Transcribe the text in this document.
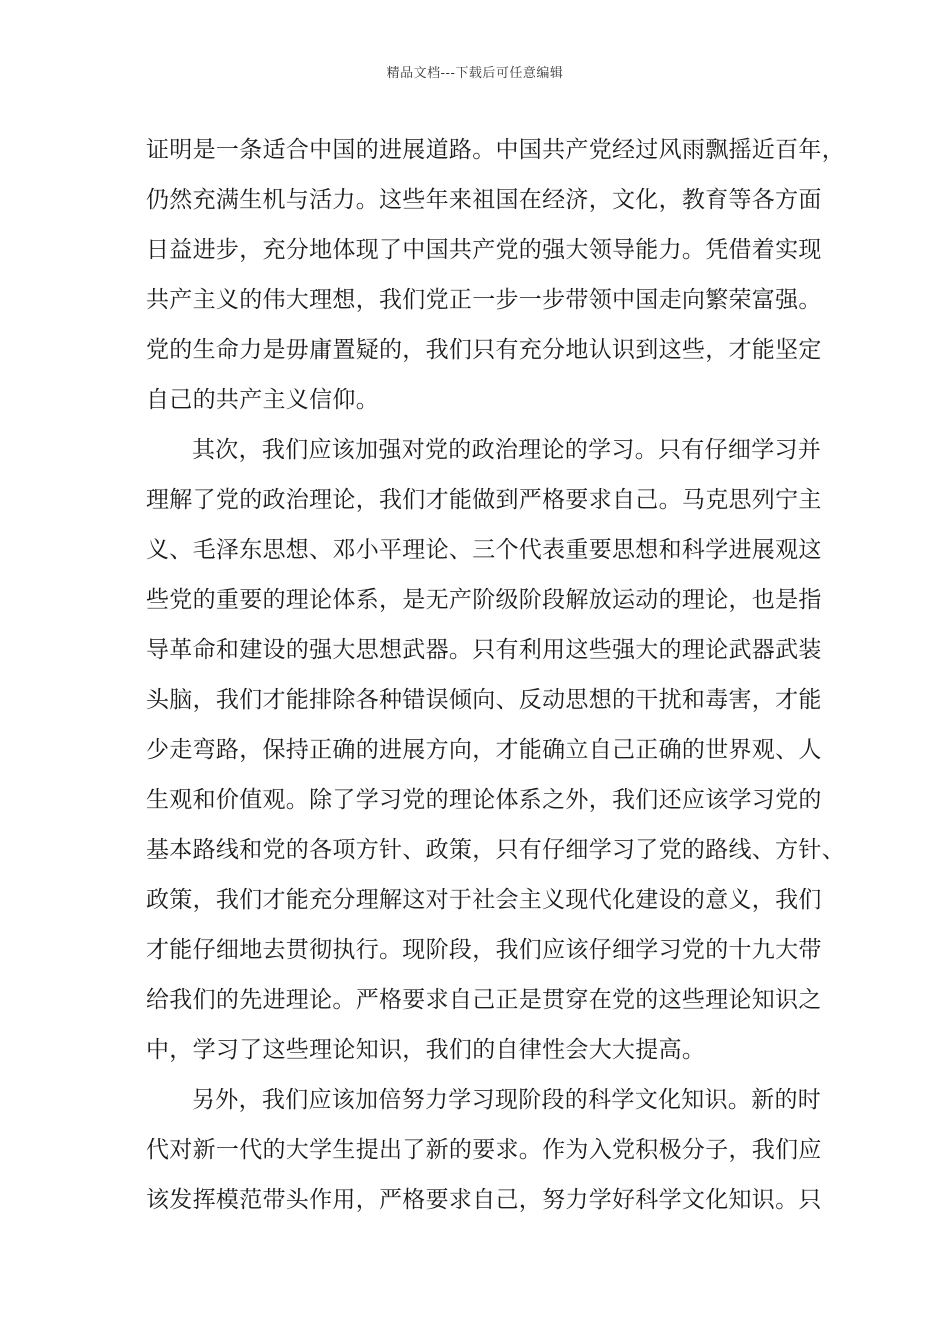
精品文档---下载后可任意编辑
证明是一条适合中国的进展道路。中国共产党经过风雨飘摇近百年，
仍然充满生机与活力。这些年来祖国在经济，文化，教育等各方面
日益进步，充分地体现了中国共产党的强大领导能力。凭借着实现
共产主义的伟大理想，我们党正一步一步带领中国走向繁荣富强。
党的生命力是毋庸置疑的，我们只有充分地认识到这些，才能坚定
自己的共产主义信仰。
其次，我们应该加强对党的政治理论的学习。只有仔细学习并
理解了党的政治理论，我们才能做到严格要求自己。马克思列宁主
义、毛泽东思想、邓小平理论、三个代表重要思想和科学进展观这
些党的重要的理论体系，是无产阶级阶段解放运动的理论，也是指
导革命和建设的强大思想武器。只有利用这些强大的理论武器武装
头脑，我们才能排除各种错误倾向、反动思想的干扰和毒害，才能
少走弯路，保持正确的进展方向，才能确立自己正确的世界观、人
生观和价值观。除了学习党的理论体系之外，我们还应该学习党的
基本路线和党的各项方针、政策，只有仔细学习了党的路线、方针、
政策，我们才能充分理解这对于社会主义现代化建设的意义，我们
才能仔细地去贯彻执行。现阶段，我们应该仔细学习党的十九大带
给我们的先进理论。严格要求自己正是贯穿在党的这些理论知识之
中，学习了这些理论知识，我们的自律性会大大提高。
另外，我们应该加倍努力学习现阶段的科学文化知识。新的时
代对新一代的大学生提出了新的要求。作为入党积极分子，我们应
该发挥模范带头作用，严格要求自己，努力学好科学文化知识。只
